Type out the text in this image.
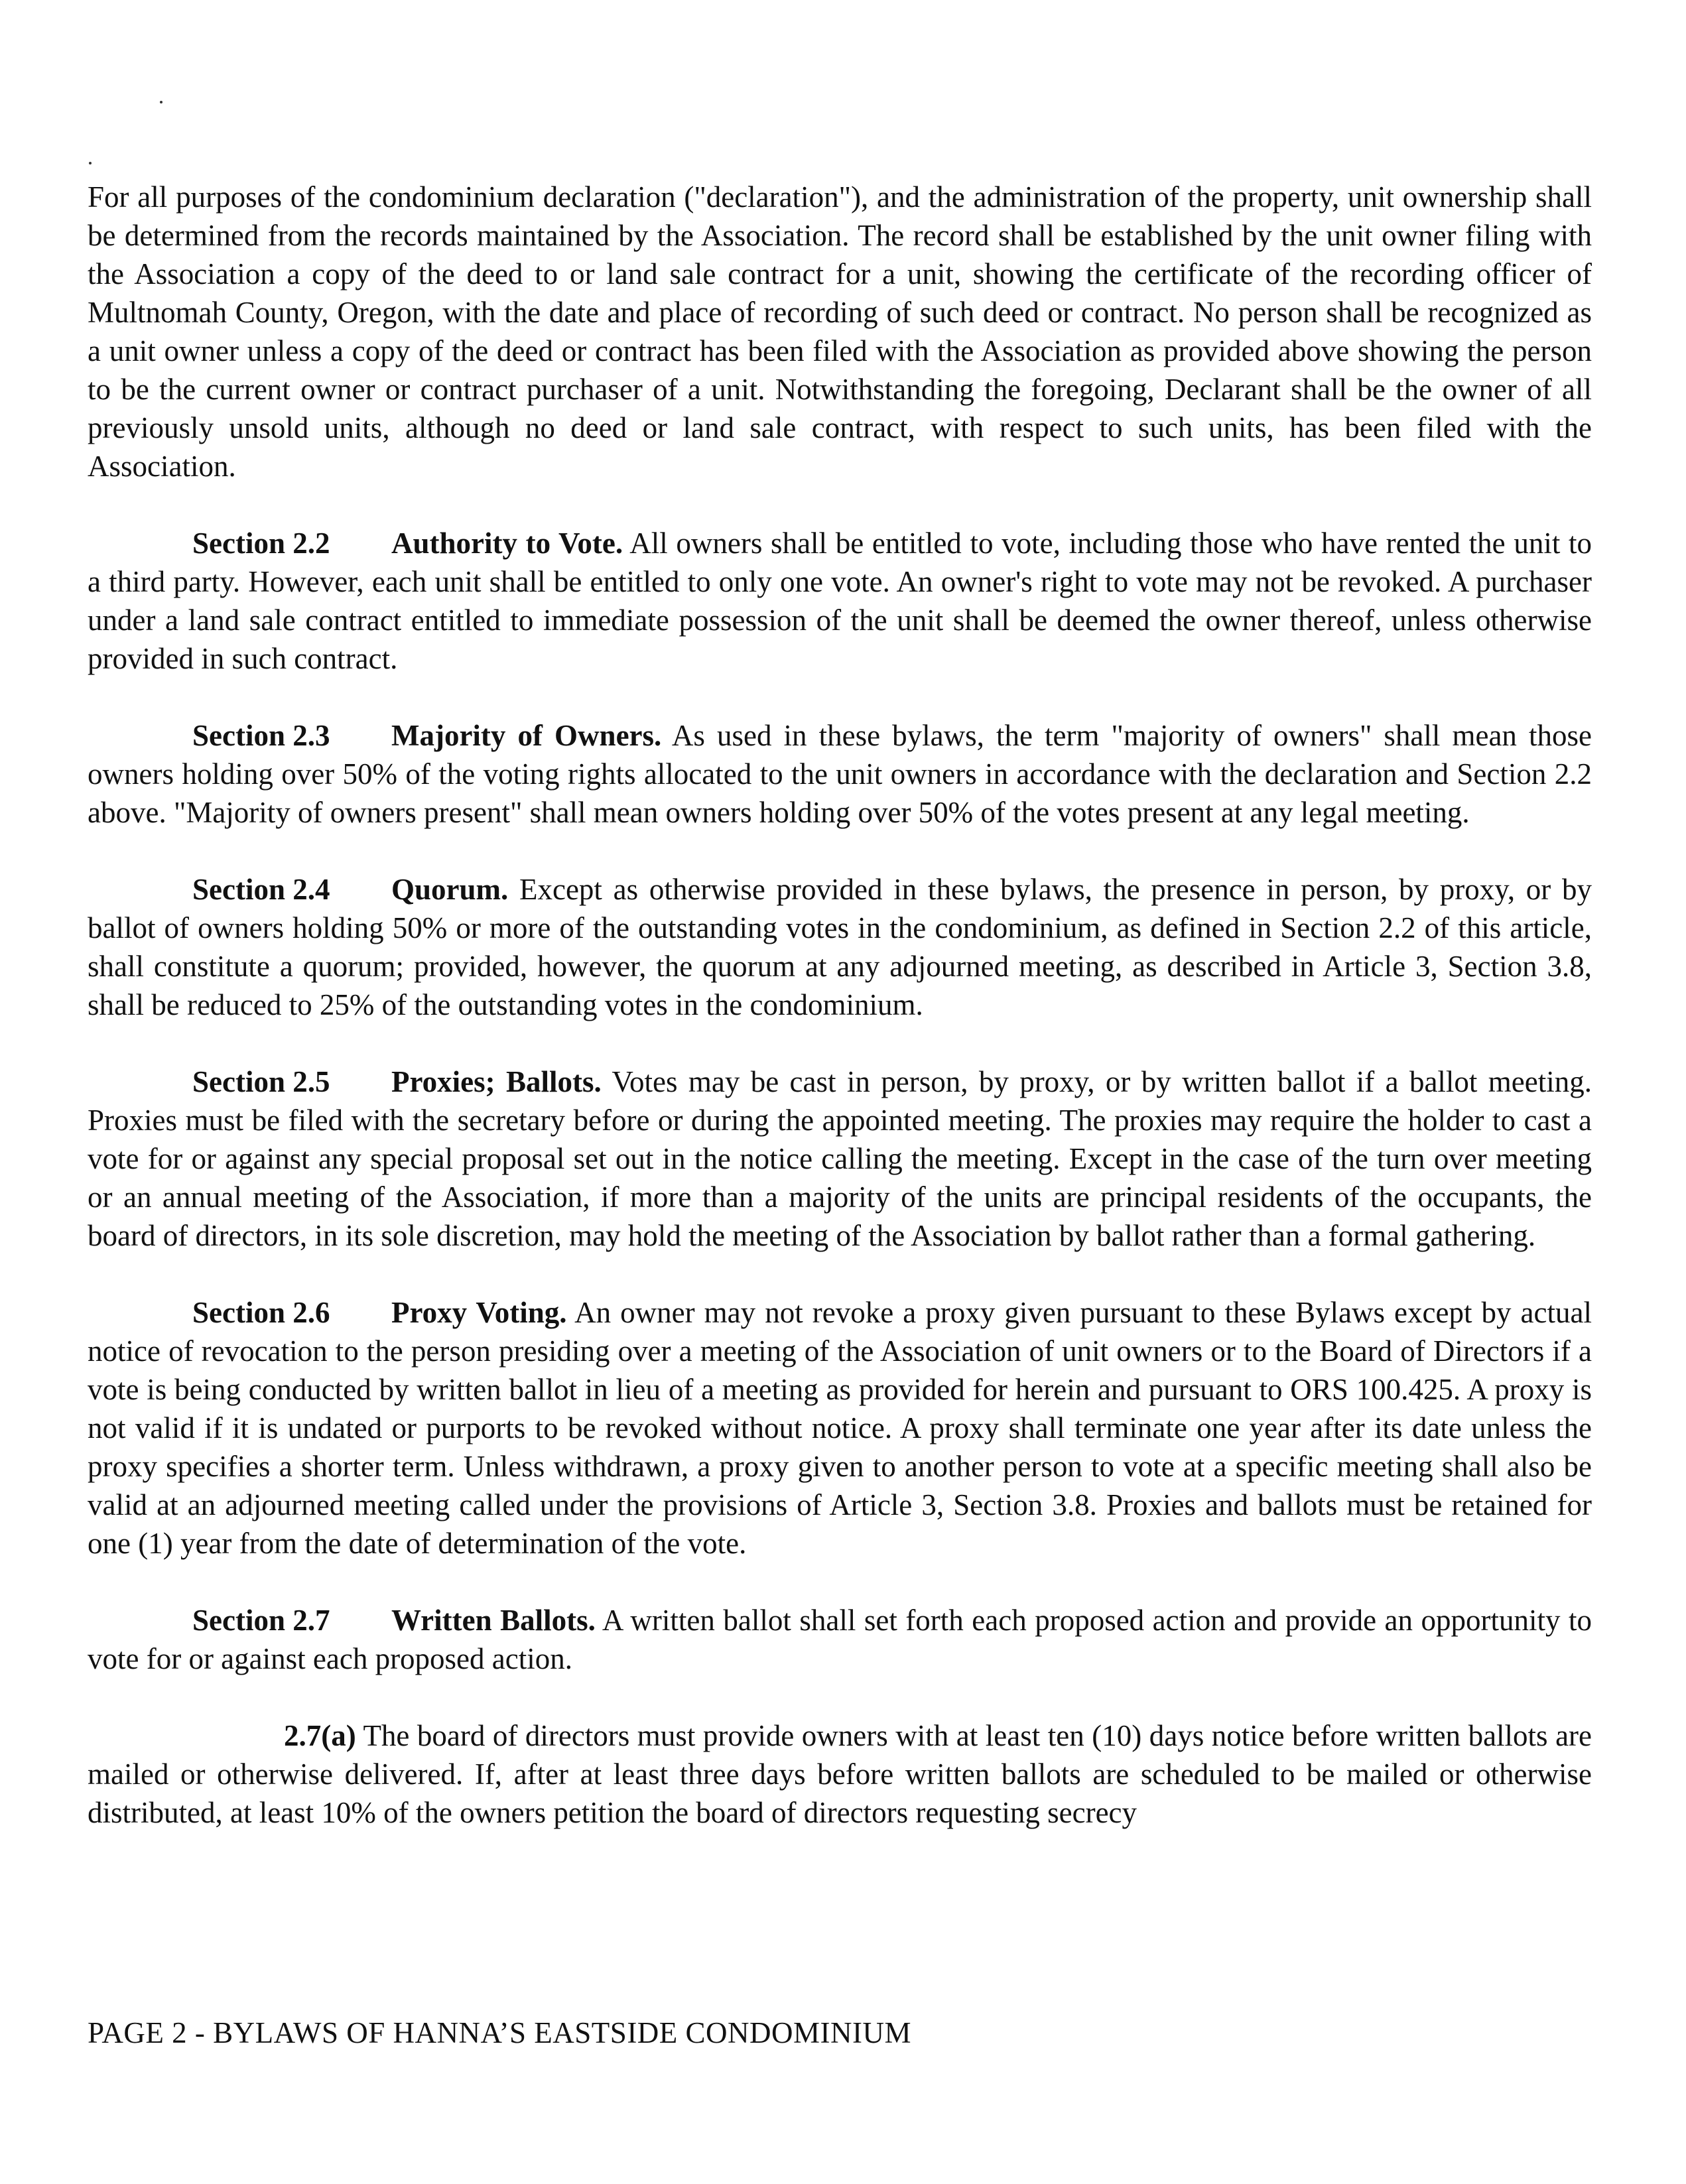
For all purposes of the condominium declaration ("declaration"), and the administration of the property, unit ownership shall be determined from the records maintained by the Association. The record shall be established by the unit owner filing with the Association a copy of the deed to or land sale contract for a unit, showing the certificate of the recording officer of Multnomah County, Oregon, with the date and place of recording of such deed or contract. No person shall be recognized as a unit owner unless a copy of the deed or contract has been filed with the Association as provided above showing the person to be the current owner or contract purchaser of a unit. Notwithstanding the foregoing, Declarant shall be the owner of all previously unsold units, although no deed or land sale contract, with respect to such units, has been filed with the Association.

Section 2.2 Authority to Vote. All owners shall be entitled to vote, including those who have rented the unit to a third party. However, each unit shall be entitled to only one vote. An owner's right to vote may not be revoked. A purchaser under a land sale contract entitled to immediate possession of the unit shall be deemed the owner thereof, unless otherwise provided in such contract.

Section 2.3 Majority of Owners. As used in these bylaws, the term "majority of owners" shall mean those owners holding over 50% of the voting rights allocated to the unit owners in accordance with the declaration and Section 2.2 above. "Majority of owners present" shall mean owners holding over 50% of the votes present at any legal meeting.

Section 2.4 Quorum. Except as otherwise provided in these bylaws, the presence in person, by proxy, or by ballot of owners holding 50% or more of the outstanding votes in the condominium, as defined in Section 2.2 of this article, shall constitute a quorum; provided, however, the quorum at any adjourned meeting, as described in Article 3, Section 3.8, shall be reduced to 25% of the outstanding votes in the condominium.

Section 2.5 Proxies; Ballots. Votes may be cast in person, by proxy, or by written ballot if a ballot meeting. Proxies must be filed with the secretary before or during the appointed meeting. The proxies may require the holder to cast a vote for or against any special proposal set out in the notice calling the meeting. Except in the case of the turn over meeting or an annual meeting of the Association, if more than a majority of the units are principal residents of the occupants, the board of directors, in its sole discretion, may hold the meeting of the Association by ballot rather than a formal gathering.

Section 2.6 Proxy Voting. An owner may not revoke a proxy given pursuant to these Bylaws except by actual notice of revocation to the person presiding over a meeting of the Association of unit owners or to the Board of Directors if a vote is being conducted by written ballot in lieu of a meeting as provided for herein and pursuant to ORS 100.425. A proxy is not valid if it is undated or purports to be revoked without notice. A proxy shall terminate one year after its date unless the proxy specifies a shorter term. Unless withdrawn, a proxy given to another person to vote at a specific meeting shall also be valid at an adjourned meeting called under the provisions of Article 3, Section 3.8. Proxies and ballots must be retained for one (1) year from the date of determination of the vote.

Section 2.7 Written Ballots. A written ballot shall set forth each proposed action and provide an opportunity to vote for or against each proposed action.

2.7(a) The board of directors must provide owners with at least ten (10) days notice before written ballots are mailed or otherwise delivered. If, after at least three days before written ballots are scheduled to be mailed or otherwise distributed, at least 10% of the owners petition the board of directors requesting secrecy

PAGE 2 - BYLAWS OF HANNA’S EASTSIDE CONDOMINIUM
